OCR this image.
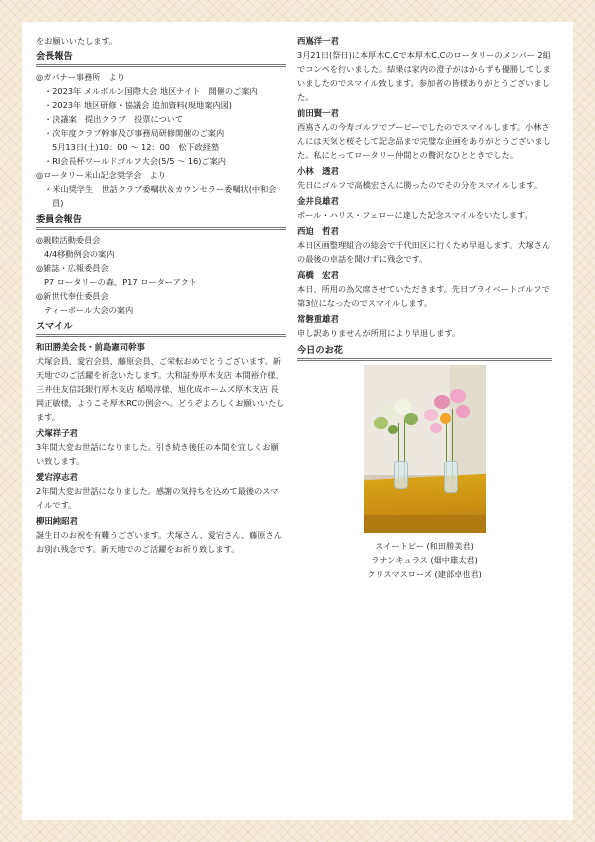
をお願いいたします。

会長報告

◎ガバナー事務所　より

・2023年 メルボルン国際大会 地区ナイト　開催のご案内

・2023年 地区研修・協議会 追加資料(現地案内図)

・決議案　提出クラブ　投票について

・次年度クラブ幹事及び事務局研修開催のご案内

5月13日(土)10：00 〜 12：00　松下政経塾

・RI会長杯ワールドゴルフ大会(5/5 〜 16)ご案内

◎ロータリー米山記念奨学会　より

・米山奨学生　世話クラブ委嘱状＆カウンセラー委嘱状(中和会員)

委員会報告

◎親睦活動委員会

4/4移動例会の案内

◎雑誌・広報委員会

P7 ロータリーの森、P17 ローターアクト

◎新世代奉仕委員会

ティーボール大会の案内

スマイル

和田勝美会長・前島憲司幹事

犬塚会員、愛宕会員、藤原会員、ご栄転おめでとうございます。新天地でのご活躍を祈念いたします。大和証券厚木支店 本間裕介様、三井住友信託銀行厚木支店 稲場淳様、旭化成ホームズ厚木支店 長岡正敏様、ようこそ厚木RCの例会へ。どうぞよろしくお願いいたします。

犬塚祥子君

3年間大変お世話になりました。引き続き後任の本間を宜しくお願い致します。

愛宕淳志君

2年間大変お世話になりました。感謝の気持ちを込めて最後のスマイルです。

柳田純昭君

誕生日のお祝を有難うございます。犬塚さん、愛宕さん、藤原さんお別れ残念です。新天地でのご活躍をお祈り致します。

西嶌洋一君

3月21日(祭日)に本厚木C.Cで本厚木C.Cのロータリーのメンバー 2組でコンペを行いました。結果は家内の澄子がはからずも優勝してしまいましたのでスマイル致します。参加者の皆様ありがとうございました。

前田賢一君

西嶌さんの今寿ゴルフでブービーでしたのでスマイルします。小林さんには天気と桜そして記念品まで完璧な企画をありがとうございました。私にとってロータリー仲間との贅沢なひとときでした。

小林　透君

先日にゴルフで高橋宏さんに勝ったのでその分をスマイルします。

金井良雄君

ポール・ハリス・フェローに達した記念スマイルをいたします。

西迫　哲君

本日区画整理組合の総会で千代田区に行くため早退します。犬塚さんの最後の卓話を聞けずに残念です。

高橋　宏君

本日、所用の為欠席させていただきます。先日プライベートゴルフで第3位になったのでスマイルします。

常磐重雄君

申し訳ありませんが所用により早退します。

今日のお花

スイートピー (和田勝美君)

ラナンキュラス (畑中雄太君)

クリスマスローズ (建部卓也君)
